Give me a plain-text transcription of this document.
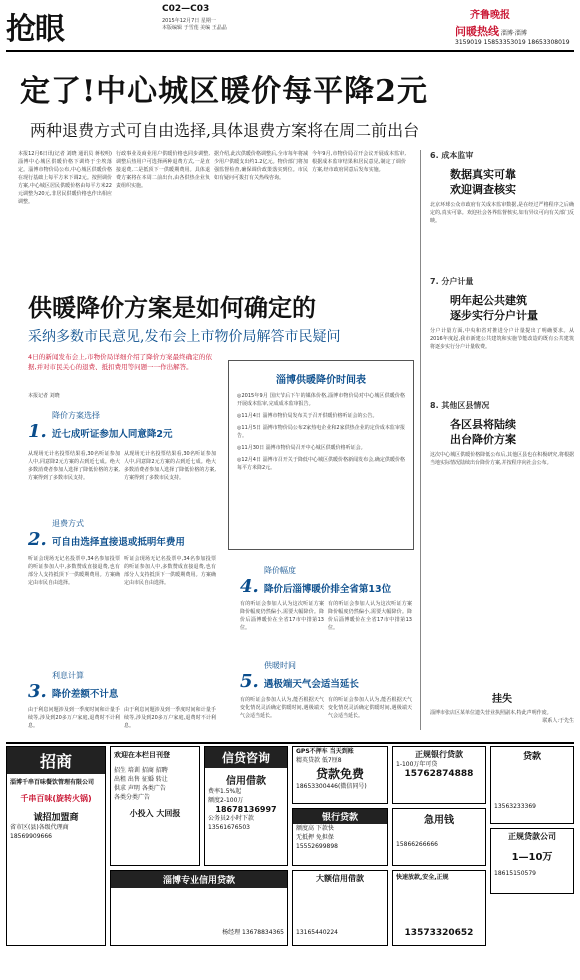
抢眼
C02—C03
2015年12月7日 星期一
本版编辑 于雪莲 美编 王晶晶
齐鲁晚报
问暖热线 淄博·淄博
3159019 15853353019 18653308019
定了!中心城区暖价每平降2元
两种退费方式可自由选择,具体退费方案将在周二前出台
本报12月6日讯(记者 刘晓 通讯员 蒋校明) 淄博中心城区供暖价格下调终于尘埃落定。淄博市物价局公布,中心城区供暖价格在现行基础上每平方米下调2元。按照调价方案,中心城区居民供暖价格由每平方米22元调整为20元,非居民供暖价格也作出相应调整。
行政事业及商业用户供暖价格也同步调整,调整后热用户可选择两种退费方式,一是直接退费,二是抵顶下一供暖期费用。具体退费方案将在本周二前出台,由各供热企业负责组织实施。
据介绍,此次供暖价格调整后,全市每年将减少用户供暖支出约1.2亿元。物价部门将加强监督检查,确保调价政策落实到位。市民如有疑问可拨打有关热线咨询。
今年9月,市物价局召开会议开展成本监审,根据成本监审结果和居民意见,制定了调价方案,经市政府同意后发布实施。
6. 成本监审
数据真实可靠
欢迎调查核实
北京环球公众市政府有关成本监审数据,是在经过严格程序之后确定的,真实可靠。欢迎社会各界监督核实,如有异议可向有关部门反映。
7. 分户计量
明年起公共建筑
逐步实行分户计量
分户计量方面,中央和省对推进分户计量提出了明确要求。从2016年度起,我市新建公共建筑和实施节能改造的既有公共建筑将逐步实行分户计量收费。
8. 其他区县情况
各区县将陆续
出台降价方案
这次中心城区供暖价格降低公布后,其他区县也在积极研究,将根据当地实际情况陆续出台降价方案,并按程序向社会公布。
供暖降价方案是如何确定的
采纳多数市民意见,发布会上市物价局解答市民疑问
4日的新闻发布会上,市物价局详细介绍了降价方案最终确定的依据,并对市民关心的退费、抵扣费用等问题一一作出解答。
本报记者 刘晓
降价方案选择
1. 近七成听证参加人同意降2元
从现场无计名投票结果看,30名听证参加人中,同意降2元方案的占到近七成。绝大多数消费者参加人选择了降低价格的方案,方案得到了多数市民支持。
从现场无计名投票结果看,30名听证参加人中,同意降2元方案的占到近七成。绝大多数消费者参加人选择了降低价格的方案,方案得到了多数市民支持。
退费方式
2. 可自由选择直接退或抵明年费用
听证会现场无记名投票中,34名参加投票的听证参加人中,多数赞成直接退费,也有部分人支持抵顶下一供暖期费用。方案确定由市民自由选择。
听证会现场无记名投票中,34名参加投票的听证参加人中,多数赞成直接退费,也有部分人支持抵顶下一供暖期费用。方案确定由市民自由选择。
利息计算
3. 降价差额不计息
由于利息问题涉及到一季度时间和计量手续等,涉及到20多万户家庭,退费时不计利息。
由于利息问题涉及到一季度时间和计量手续等,涉及到20多万户家庭,退费时不计利息。
淄博供暖降价时间表
◎2015年9月 国庆节后下午的媒体价格,淄博市物价局对中心城区供暖价格开展成本监审,完成成本监审报告。
◎11月4日 淄博市物价局发布关于召开供暖价格听证会的公告。
◎11月5日 淄博市物价局公布2家热电企业和2家供热企业的定价成本监审报告。
◎11月30日 淄博市物价局召开中心城区供暖价格听证会。
◎12月4日 淄博市召开关于降低中心城区供暖价格新闻发布会,确定供暖价格每平方米降2元。
降价幅度
4. 降价后淄博暖价排全省第13位
有的听证会参加人认为这次听证方案降价幅度仍然偏小,需要大幅降价。降价后淄博暖价在全省17市中排第13位。
有的听证会参加人认为这次听证方案降价幅度仍然偏小,需要大幅降价。降价后淄博暖价在全省17市中排第13位。
供暖时间
5. 遇极端天气会适当延长
有的听证会参加人认为,能否根据天气变化情况灵活确定供暖时间,遇极端天气会适当延长。
有的听证会参加人认为,能否根据天气变化情况灵活确定供暖时间,遇极端天气会适当延长。
挂失
淄博市张店区某单位遗失营业执照副本,特此声明作废。
联系人:于先生
招商
淄博千串百味餐饮管理有限公司
千串百味(旋转火锅)
诚招加盟商
省市区(县)各级代理商
18569909666
欢迎在本栏目刊登
招生 培训 招商 招聘
出租 出售 征婚 转让
供求 声明 各类广告
各类分类广告
小投入 大回报
信贷咨询
信用借款
费率1.5%起
额度2-100万
18678136997
公务员2小时下款
13561676503
GPS不押车 当天到账
精英贷款 低7厘8
贷款免费
18653300446(微信同号)
银行贷款
额度高 下款快
无抵押 免担保
15552699898
正规银行贷款
1-100万年可贷
15762874888
急用钱
15866266666
贷款
13563233369
正规贷款公司
1—10万
18615150579
淄博专业信用贷款
杨经理 13678834365
大额信用借款
13165440224
快速放款,安全,正规
13573320652
